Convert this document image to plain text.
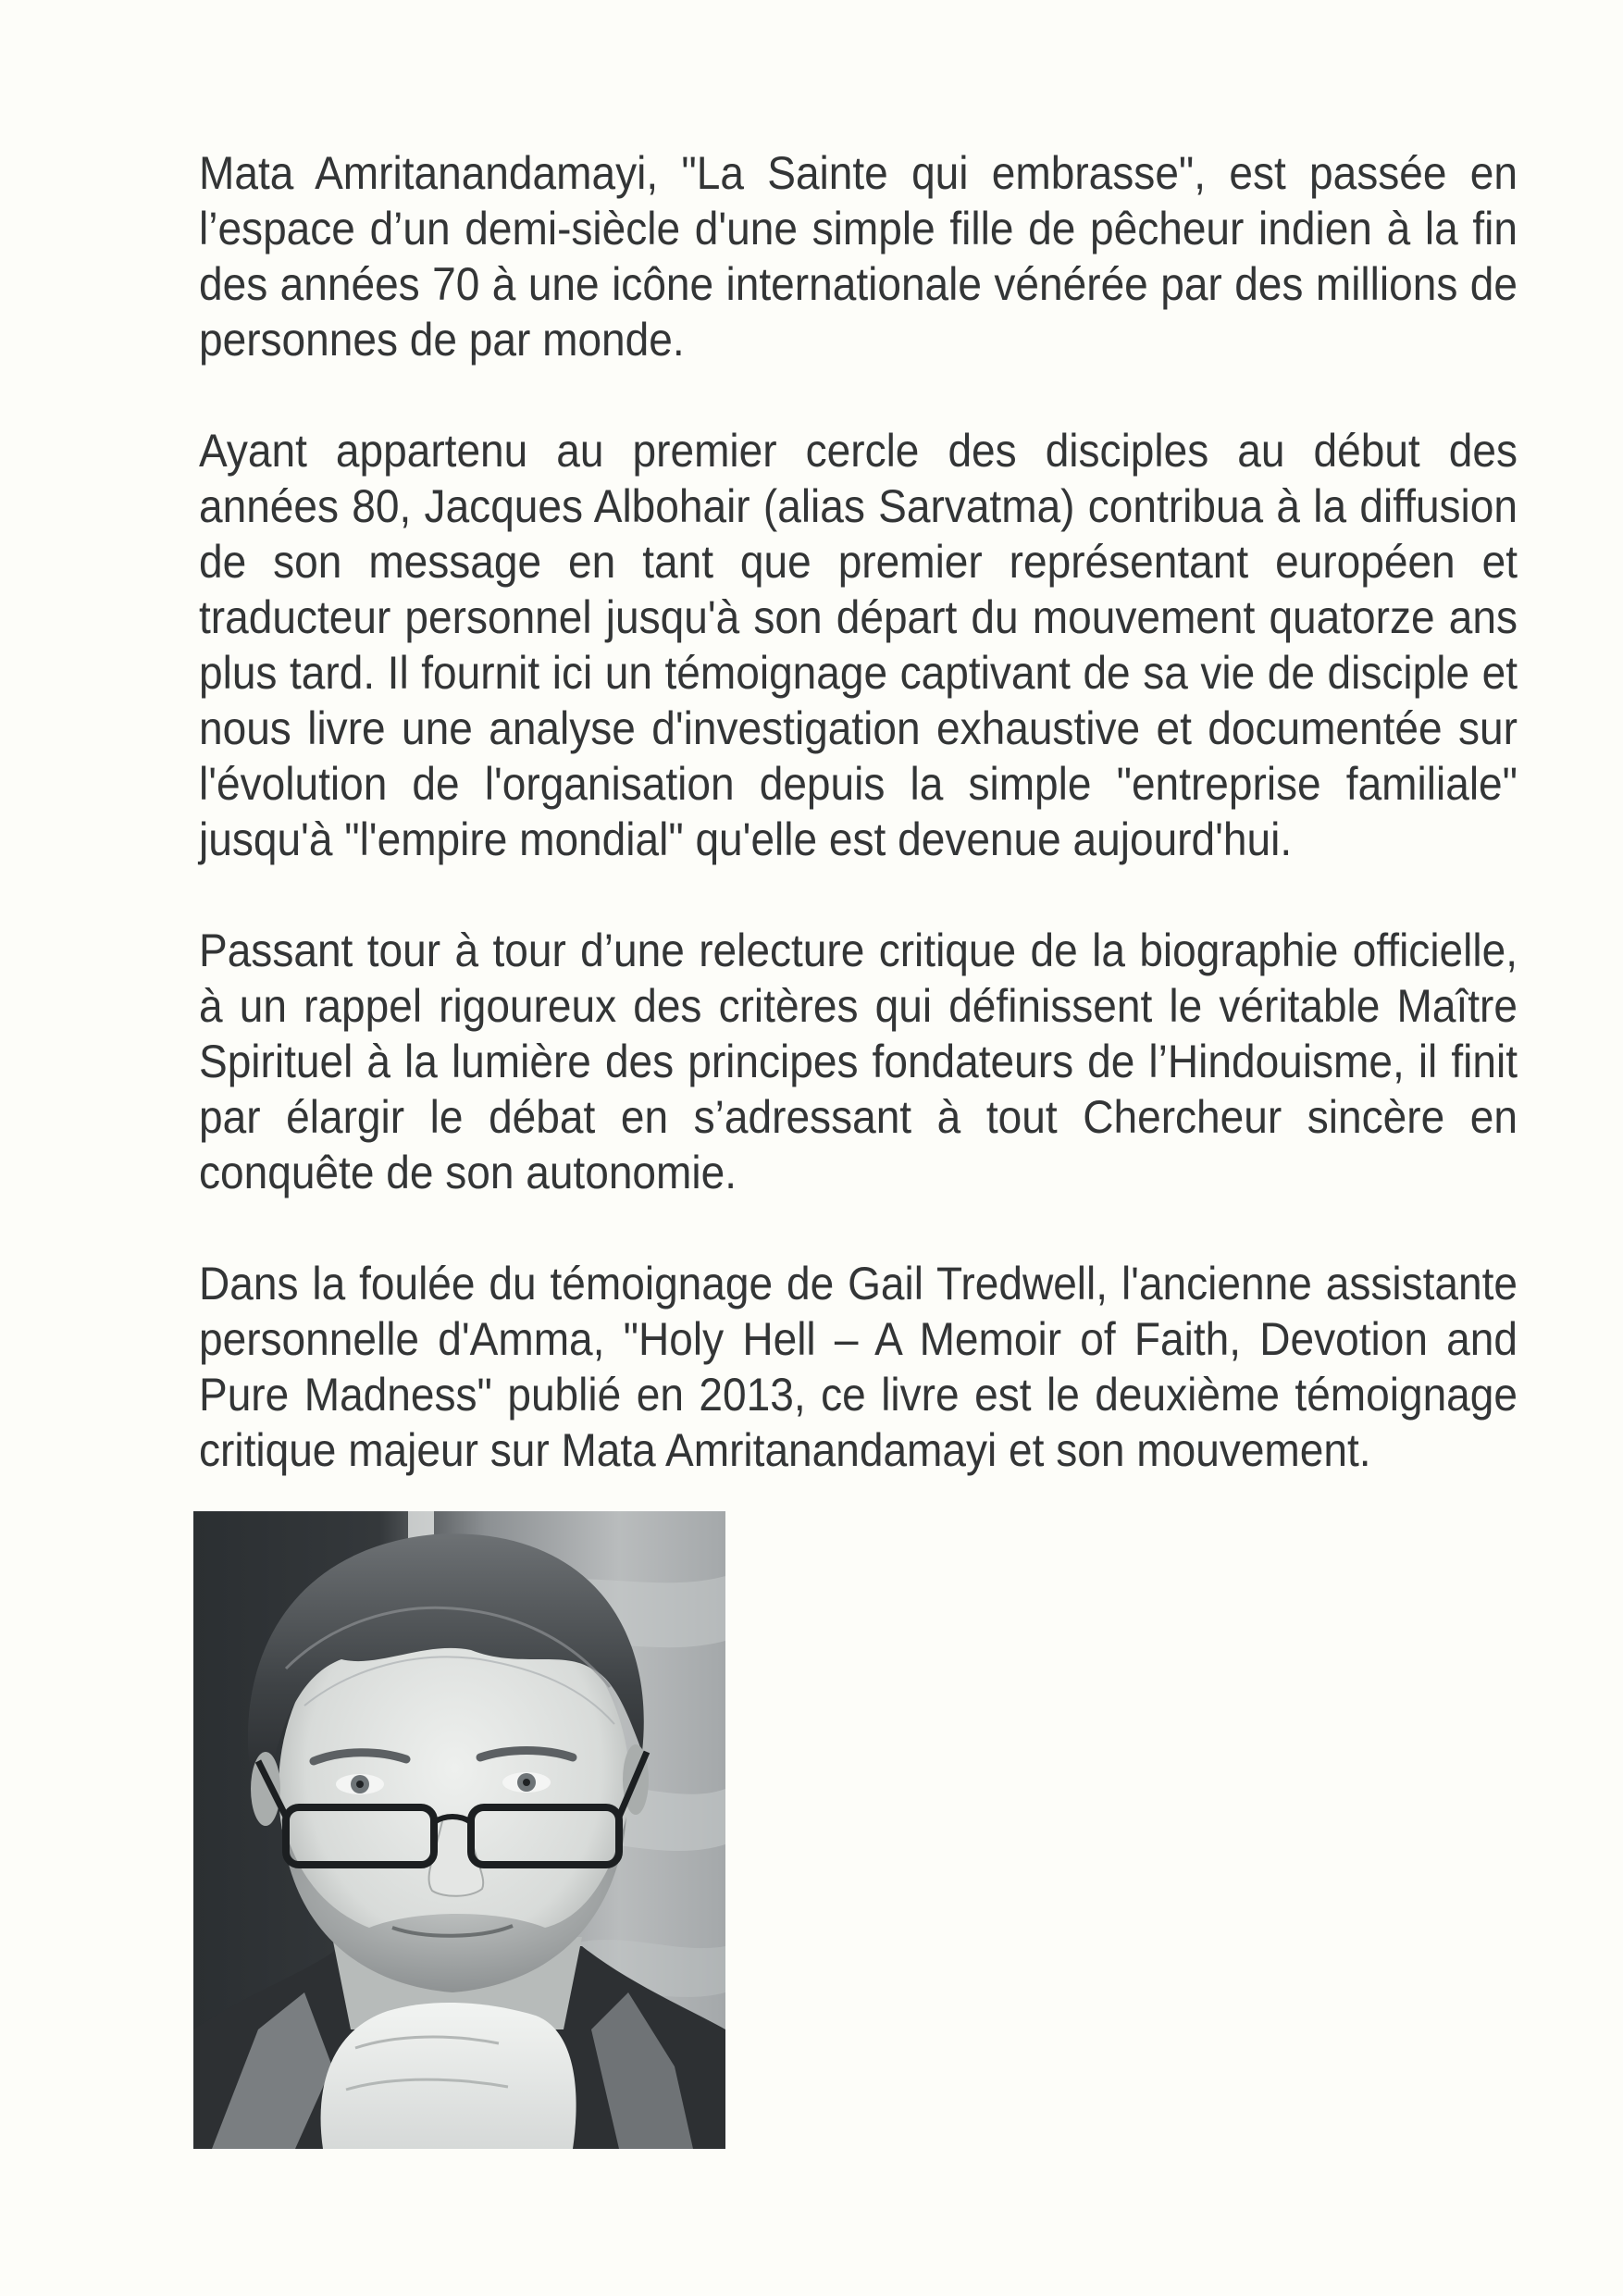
Mata Amritanandamayi, "La Sainte qui embrasse", est passée en
l’espace d’un demi-siècle d'une simple fille de pêcheur indien à la fin
des années 70 à une icône internationale vénérée par des millions de
personnes de par monde.
Ayant appartenu au premier cercle des disciples au début des
années 80, Jacques Albohair (alias Sarvatma) contribua à la diffusion
de son message en tant que premier représentant européen et
traducteur personnel jusqu'à son départ du mouvement quatorze ans
plus tard. Il fournit ici un témoignage captivant de sa vie de disciple et
nous livre une analyse d'investigation exhaustive et documentée sur
l'évolution de l'organisation depuis la simple "entreprise familiale"
jusqu'à "l'empire mondial" qu'elle est devenue aujourd'hui.
Passant tour à tour d’une relecture critique de la biographie officielle,
à un rappel rigoureux des critères qui définissent le véritable Maître
Spirituel à la lumière des principes fondateurs de l’Hindouisme, il finit
par élargir le débat en s’adressant à tout Chercheur sincère en
conquête de son autonomie.
Dans la foulée du témoignage de Gail Tredwell, l'ancienne assistante
personnelle d'Amma, "Holy Hell – A Memoir of Faith, Devotion and
Pure Madness" publié en 2013, ce livre est le deuxième témoignage
critique majeur sur Mata Amritanandamayi et son mouvement.
